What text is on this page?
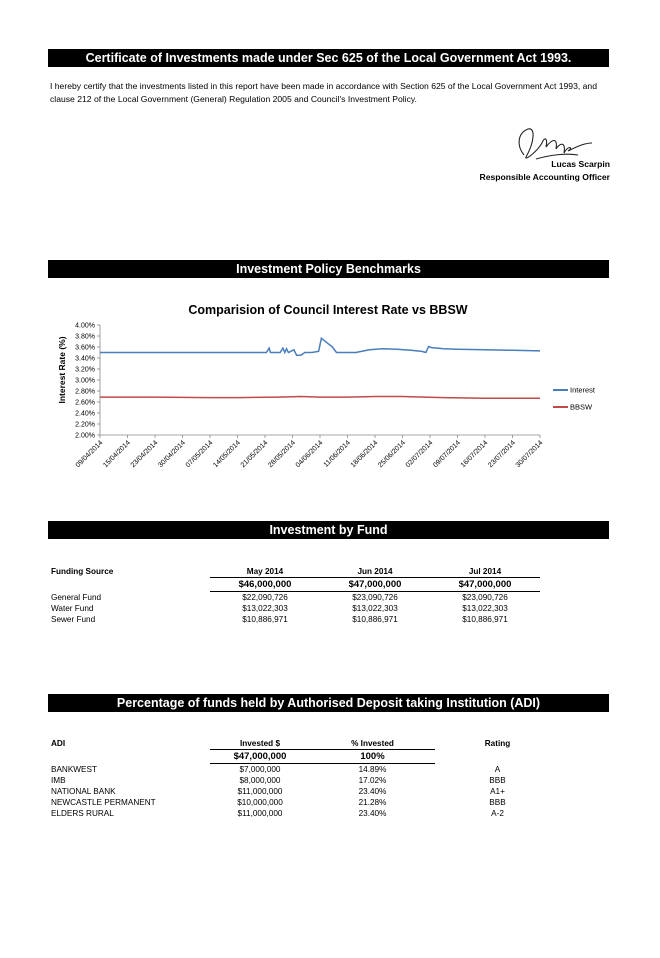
Certificate of Investments made under Sec 625 of the Local Government Act 1993.
I hereby certify that the investments listed in this report have been made in accordance with Section 625 of the Local Government Act 1993, and clause 212 of the Local Government (General) Regulation 2005 and Council's Investment Policy.
Lucas Scarpin
Responsible Accounting Officer
Investment Policy Benchmarks
Comparision of Council Interest Rate vs BBSW
Interest Rate (%)
2.00%
2.20%
2.40%
2.60%
2.80%
3.00%
3.20%
3.40%
3.60%
3.80%
4.00%
09/04/2014
15/04/2014
23/04/2014
30/04/2014
07/05/2014
14/05/2014
21/05/2014
28/05/2014
04/06/2014
11/06/2014
18/06/2014
25/06/2014
02/07/2014
09/07/2014
16/07/2014
23/07/2014
30/07/2014
Interest
BBSW
Investment by Fund
Funding Source	May 2014	Jun 2014	Jul 2014
	$46,000,000	$47,000,000	$47,000,000
General Fund	$22,090,726	$23,090,726	$23,090,726
Water Fund	$13,022,303	$13,022,303	$13,022,303
Sewer Fund	$10,886,971	$10,886,971	$10,886,971
Percentage of funds held by Authorised Deposit taking Institution (ADI)
ADI	Invested $	% Invested	Rating
	$47,000,000	100%	
BANKWEST	$7,000,000	14.89%	A
IMB	$8,000,000	17.02%	BBB
NATIONAL BANK	$11,000,000	23.40%	A1+
NEWCASTLE PERMANENT	$10,000,000	21.28%	BBB
ELDERS RURAL	$11,000,000	23.40%	A-2
